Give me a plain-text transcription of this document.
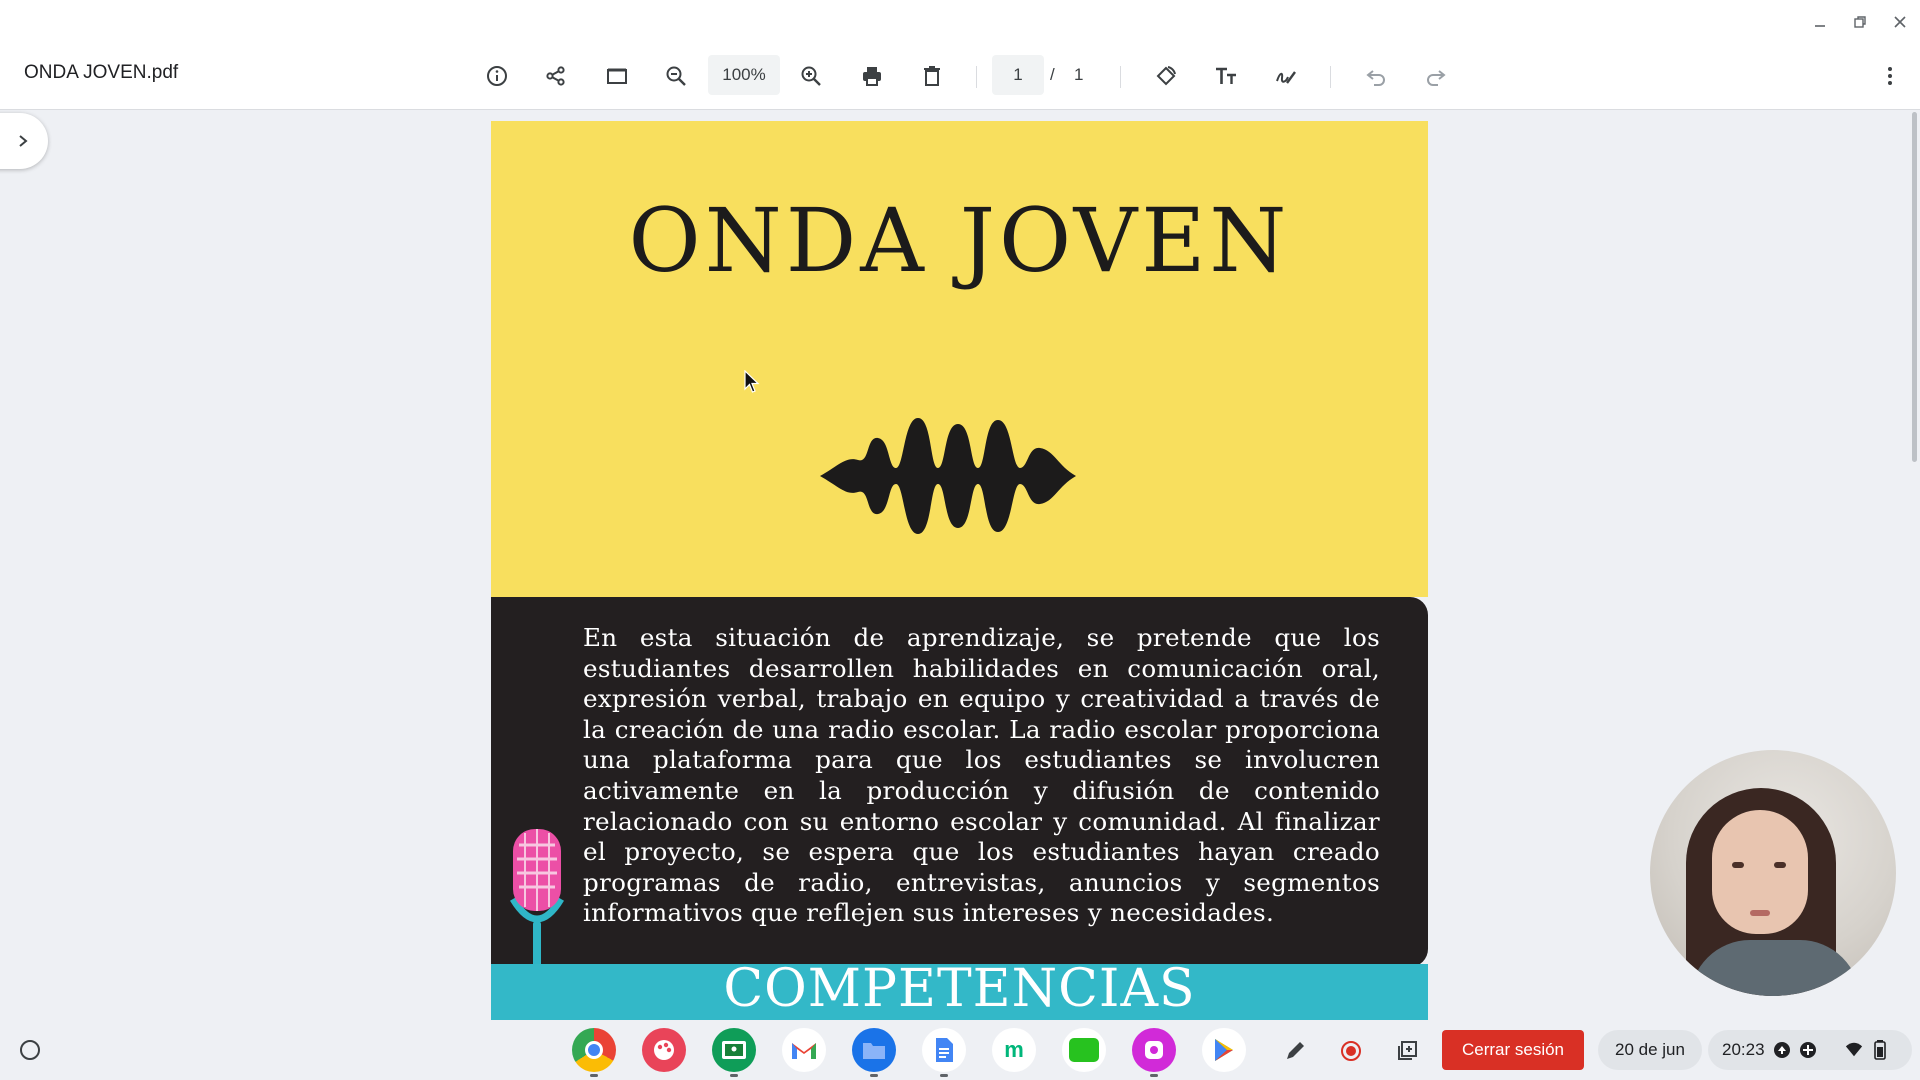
ONDA JOVEN.pdf	100%	1	/ 1
ONDA JOVEN
En esta situación de aprendizaje, se pretende que los estudiantes desarrollen habilidades en comunicación oral, expresión verbal, trabajo en equipo y creatividad a través de la creación de una radio escolar. La radio escolar proporciona una plataforma para que los estudiantes se involucren activamente en la producción y difusión de contenido relacionado con su entorno escolar y comunidad. Al finalizar el proyecto, se espera que los estudiantes hayan creado programas de radio, entrevistas, anuncios y segmentos informativos que reflejen sus intereses y necesidades.
COMPETENCIAS
m	Cerrar sesión	20 de jun	20:23
